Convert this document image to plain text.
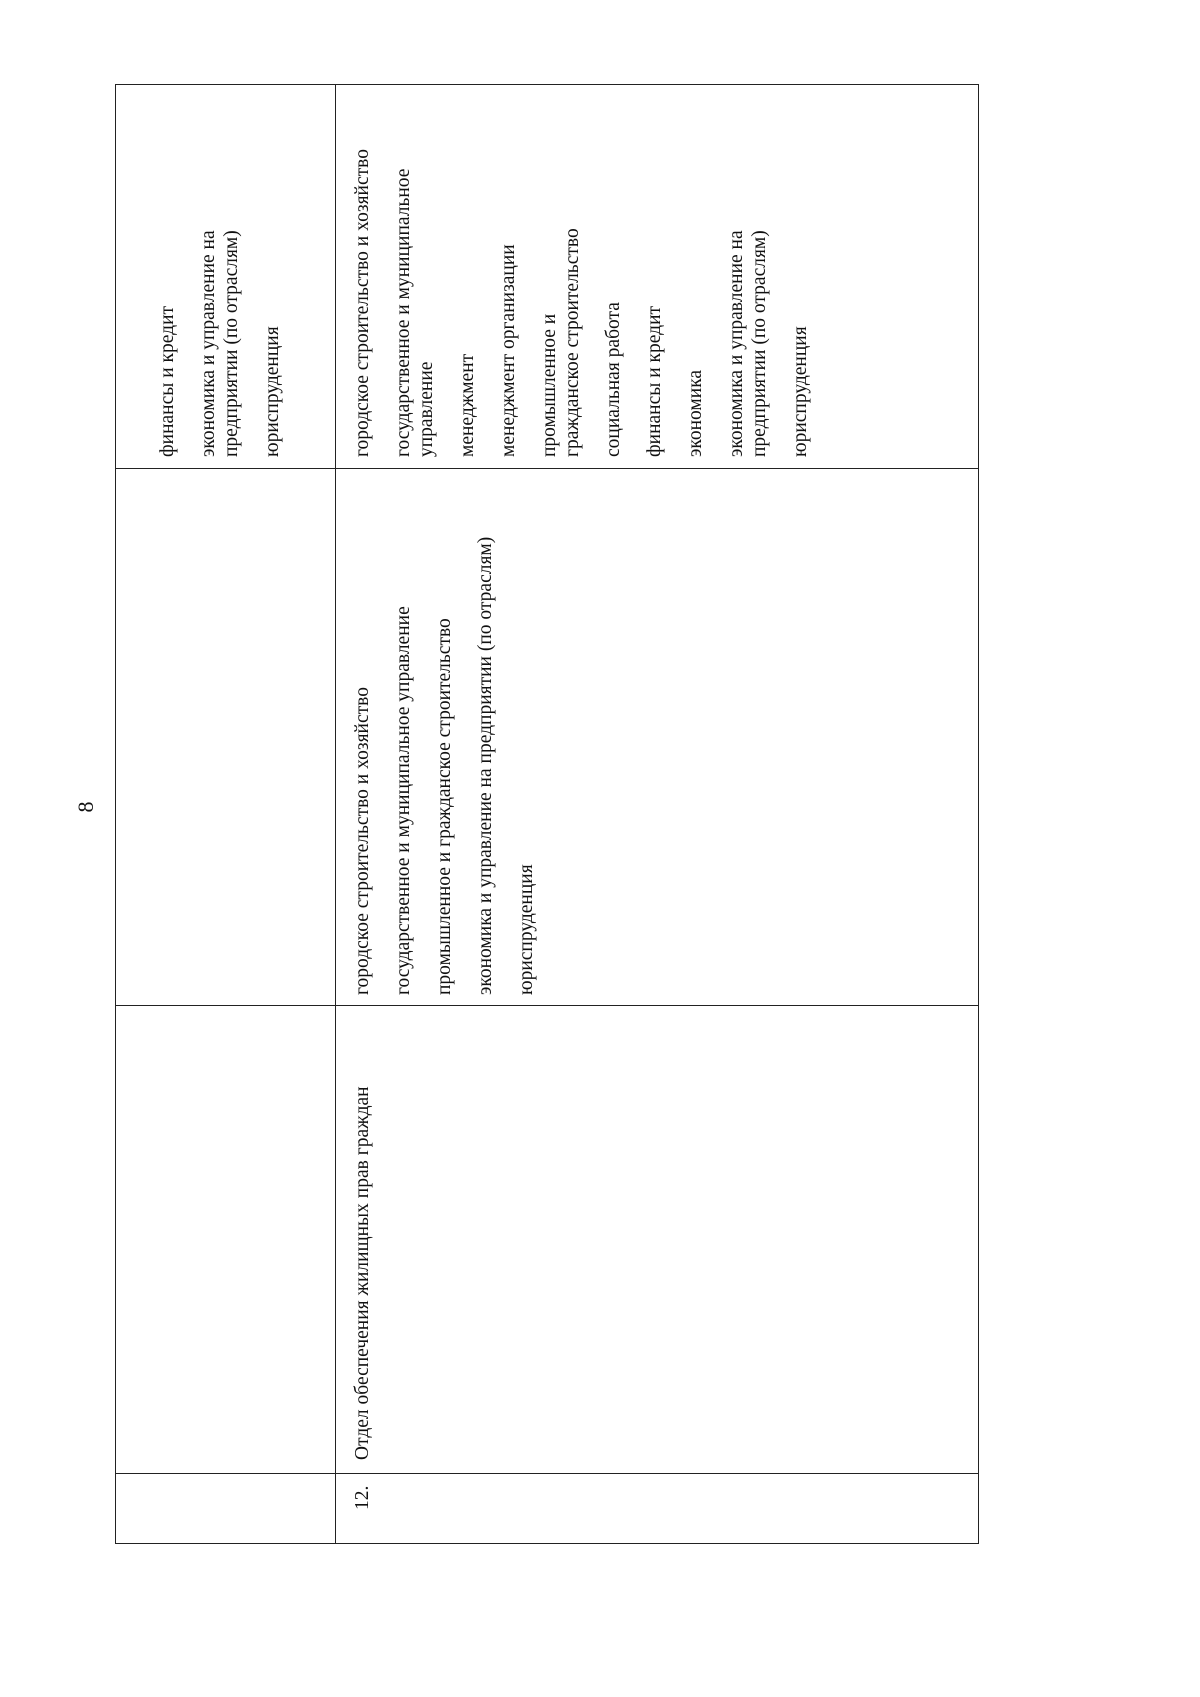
8
финансы и кредит экономика и управление на предприятии (по отраслям) юриспруденция
12.
Отдел обеспечения жилищных прав граждан
городское строительство и хозяйство государственное и муниципальное управление промышленное и гражданское строительство экономика и управление на предприятии (по отраслям) юриспруденция
городское строительство и хозяйство государственное и муниципальное управление менеджмент менеджмент организации промышленное и гражданское строительство социальная работа финансы и кредит экономика экономика и управление на предприятии (по отраслям) юриспруденция
